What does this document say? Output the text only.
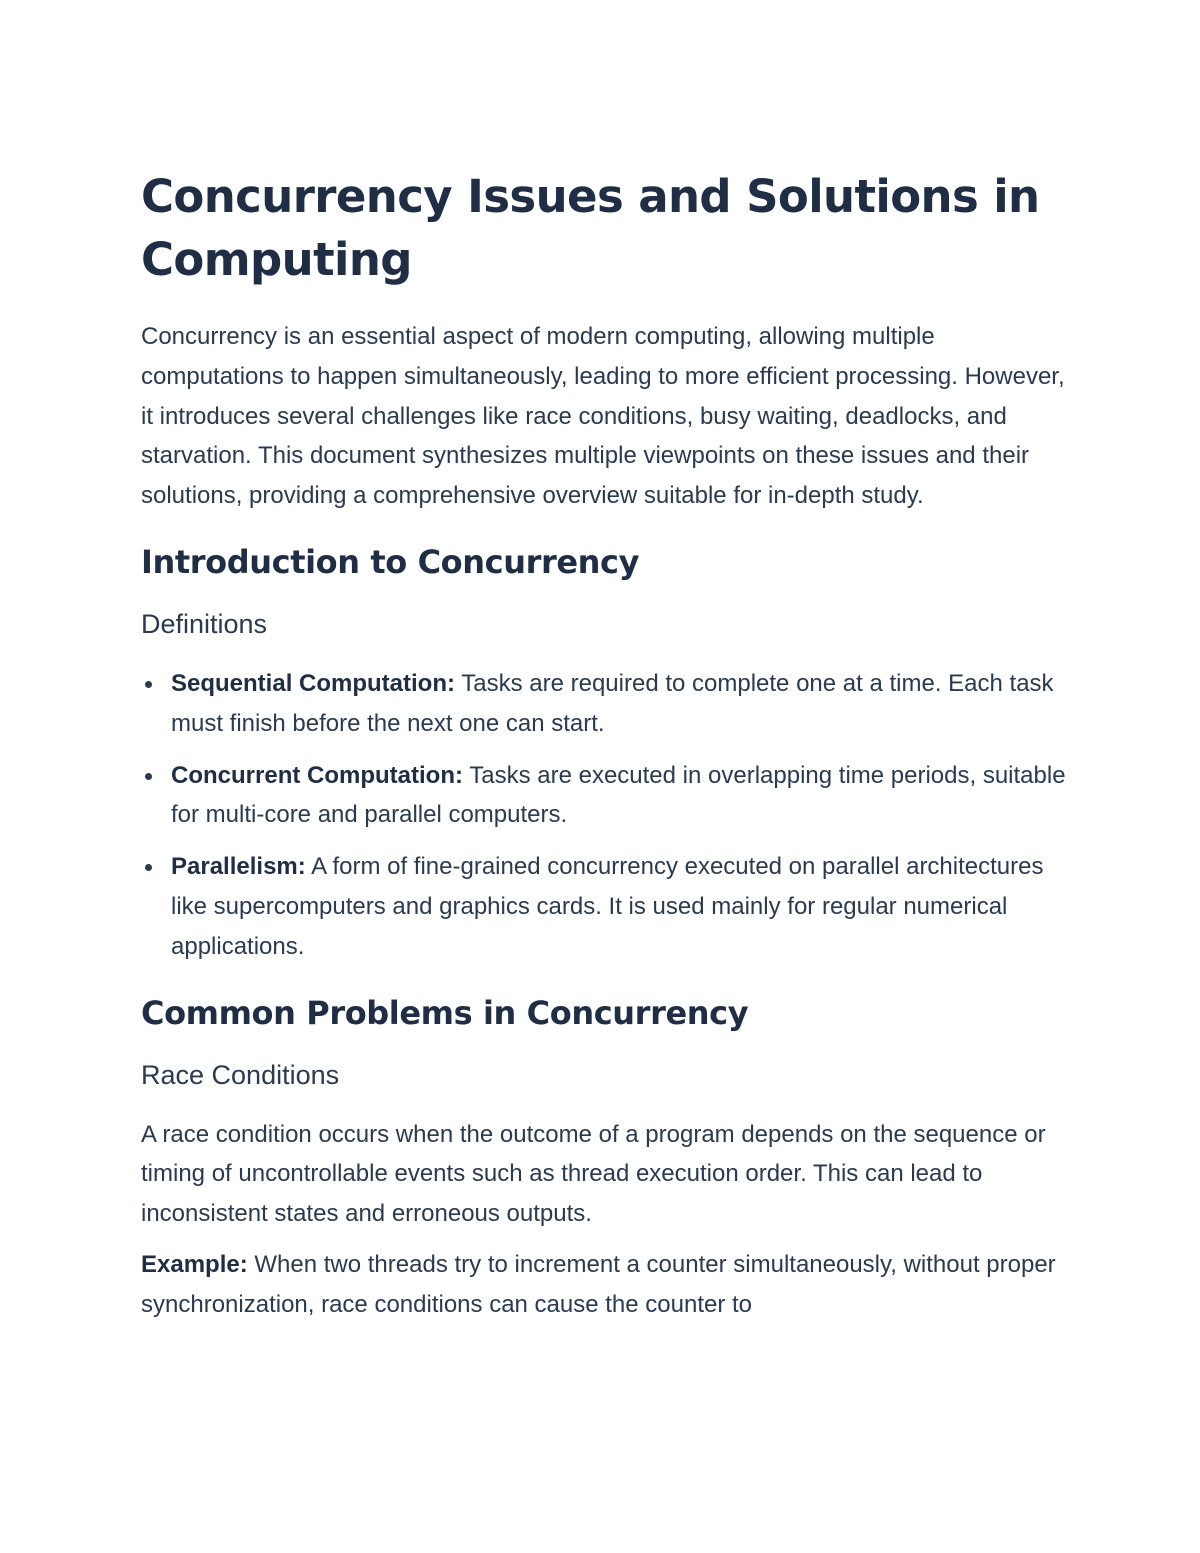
Concurrency Issues and Solutions in Computing

Concurrency is an essential aspect of modern computing, allowing multiple computations to happen simultaneously, leading to more efficient processing. However, it introduces several challenges like race conditions, busy waiting, deadlocks, and starvation. This document synthesizes multiple viewpoints on these issues and their solutions, providing a comprehensive overview suitable for in-depth study.

Introduction to Concurrency
Definitions
Sequential Computation: Tasks are required to complete one at a time. Each task must finish before the next one can start.
Concurrent Computation: Tasks are executed in overlapping time periods, suitable for multi-core and parallel computers.
Parallelism: A form of fine-grained concurrency executed on parallel architectures like supercomputers and graphics cards. It is used mainly for regular numerical applications.
Common Problems in Concurrency
Race Conditions

A race condition occurs when the outcome of a program depends on the sequence or timing of uncontrollable events such as thread execution order. This can lead to inconsistent states and erroneous outputs.

Example: When two threads try to increment a counter simultaneously, without proper synchronization, race conditions can cause the counter to
